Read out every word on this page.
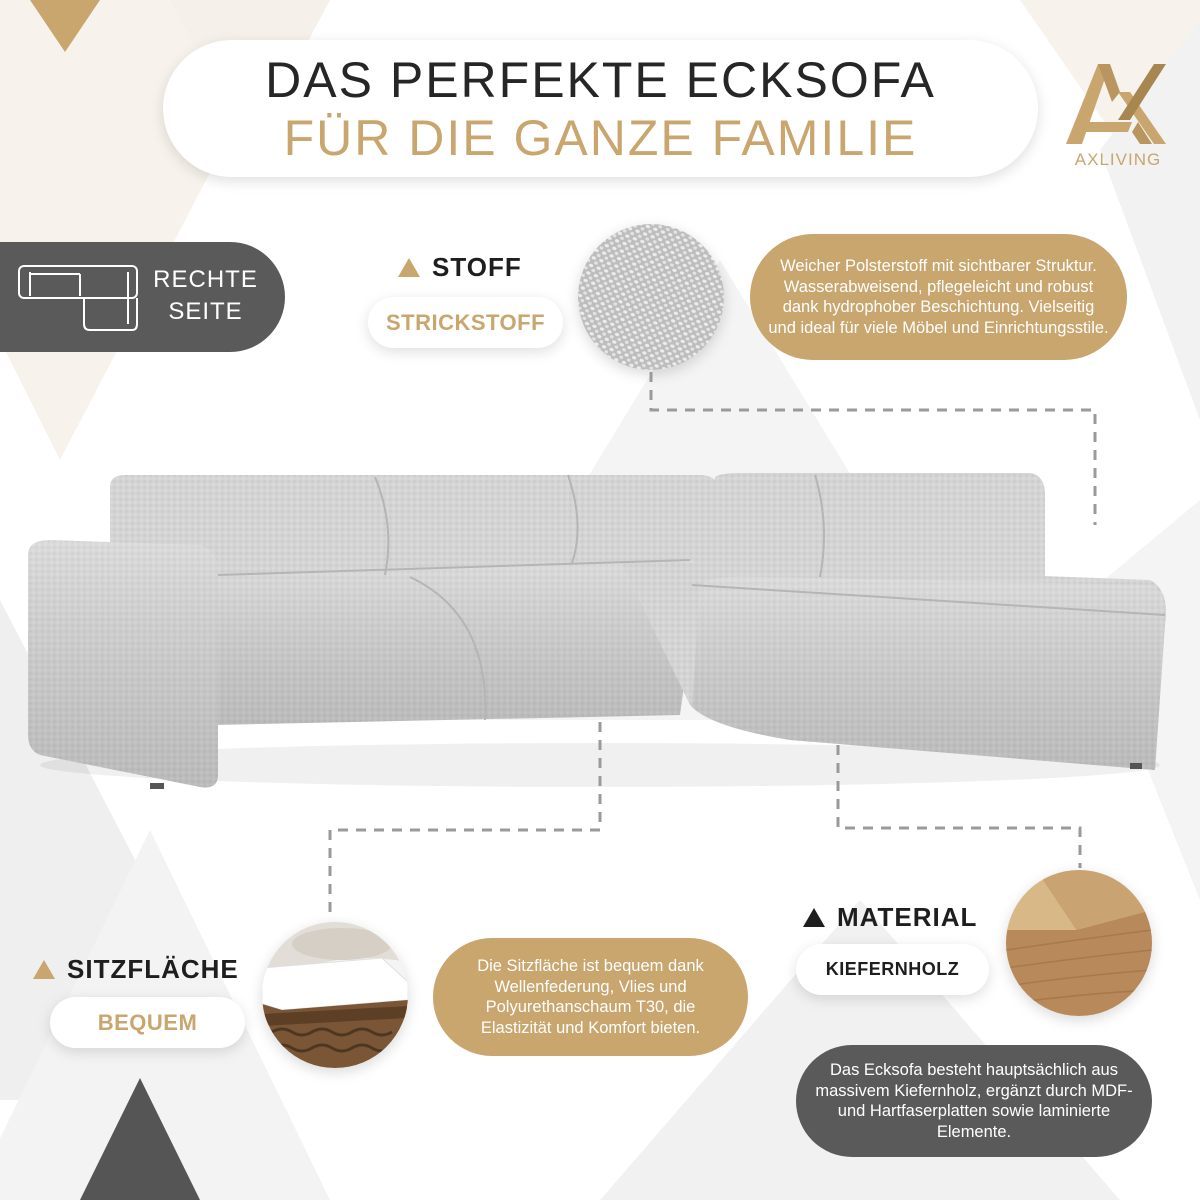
DAS PERFEKTE ECKSOFA
FÜR DIE GANZE FAMILIE	AXLIVING
RECHTE
SEITE
STOFF
STRICKSTOFF
Weicher Polsterstoff mit sichtbarer Struktur. Wasserabweisend, pflegeleicht und robust dank hydrophober Beschichtung. Vielseitig und ideal für viele Möbel und Einrichtungsstile.
SITZFLÄCHE
BEQUEM
Die Sitzfläche ist bequem dank Wellenfederung, Vlies und Polyurethanschaum T30, die Elastizität und Komfort bieten.
MATERIAL
KIEFERNHOLZ
Das Ecksofa besteht hauptsächlich aus massivem Kiefernholz, ergänzt durch MDF- und Hartfaserplatten sowie laminierte Elemente.
